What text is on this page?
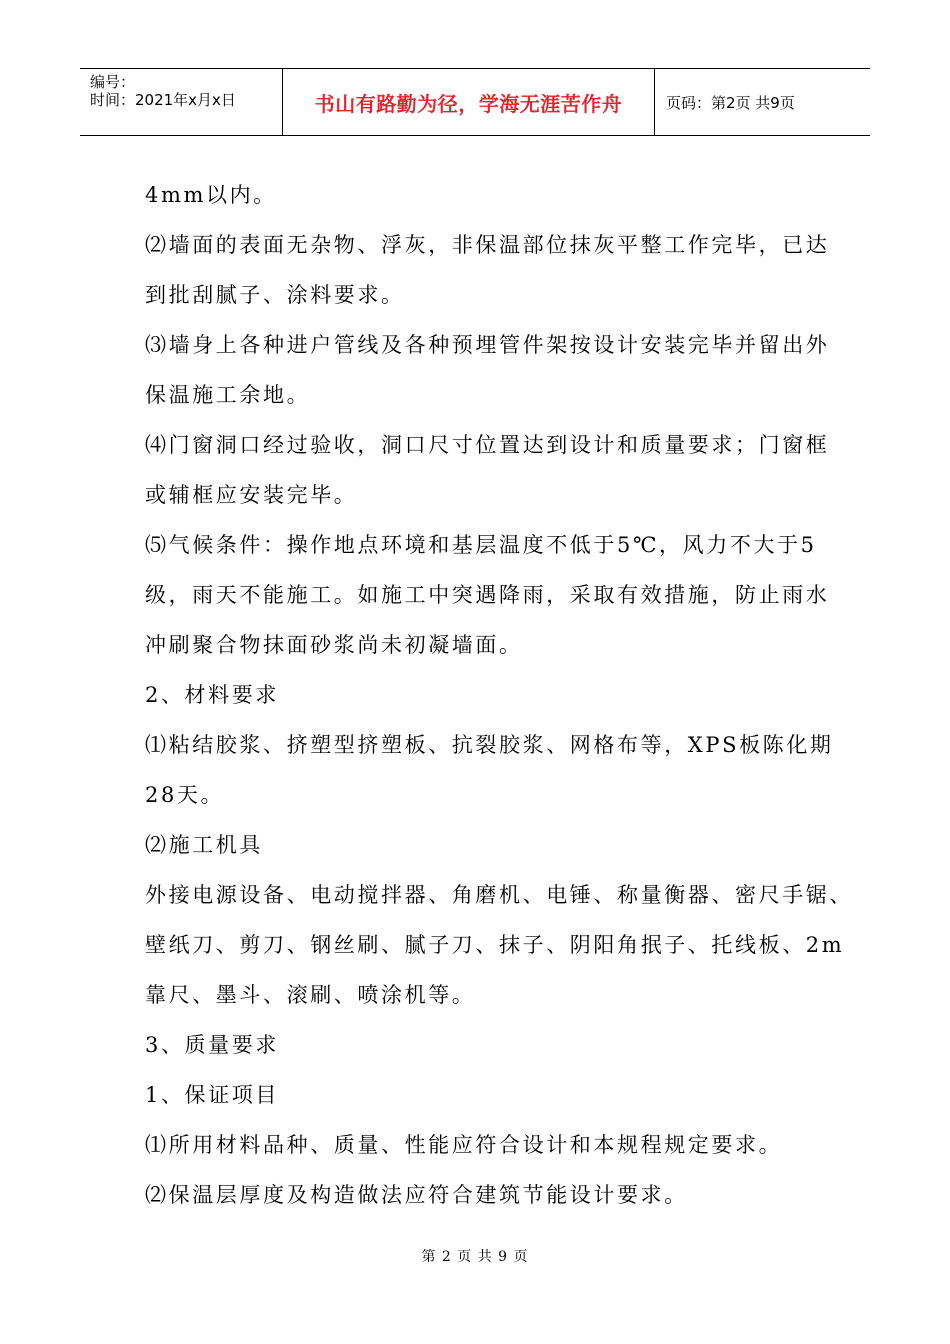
编号：
时间：2021年x月x日	书山有路勤为径，学海无涯苦作舟	页码：第2页 共9页
4mm以内。
⑵墙面的表面无杂物、浮灰，非保温部位抹灰平整工作完毕，已达
到批刮腻子、涂料要求。
⑶墙身上各种进户管线及各种预埋管件架按设计安装完毕并留出外
保温施工余地。
⑷门窗洞口经过验收，洞口尺寸位置达到设计和质量要求；门窗框
或辅框应安装完毕。
⑸气候条件：操作地点环境和基层温度不低于5℃，风力不大于5
级，雨天不能施工。如施工中突遇降雨，采取有效措施，防止雨水
冲刷聚合物抹面砂浆尚未初凝墙面。
2、材料要求
⑴粘结胶浆、挤塑型挤塑板、抗裂胶浆、网格布等，XPS板陈化期
28天。
⑵施工机具
外接电源设备、电动搅拌器、角磨机、电锤、称量衡器、密尺手锯、
壁纸刀、剪刀、钢丝刷、腻子刀、抹子、阴阳角抿子、托线板、2m
靠尺、墨斗、滚刷、喷涂机等。
3、质量要求
1、保证项目
⑴所用材料品种、质量、性能应符合设计和本规程规定要求。
⑵保温层厚度及构造做法应符合建筑节能设计要求。
第 2 页 共 9 页
